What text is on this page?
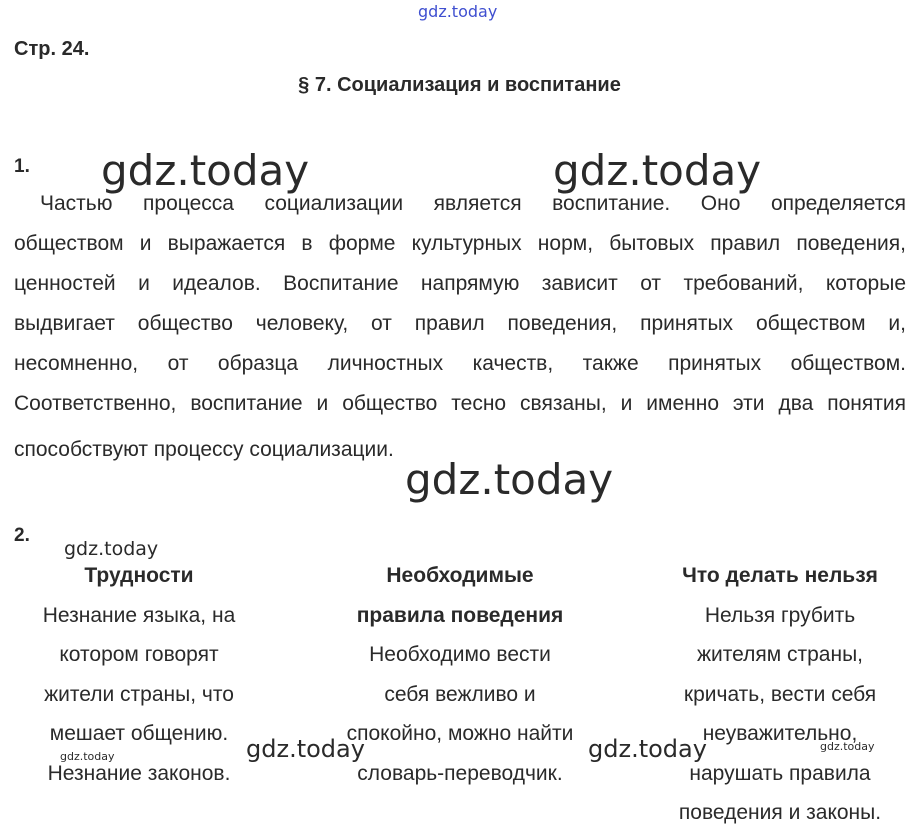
gdz.today
gdz.today	gdz.today
gdz.today
gdz.today
gdz.today	gdz.today
gdz.today
gdz.today
Стр. 24.
§ 7. Социализация и воспитание
1.
Частью процесса социализации является воспитание. Оно определяется
обществом и выражается в форме культурных норм, бытовых правил поведения,
ценностей и идеалов. Воспитание напрямую зависит от требований, которые
выдвигает общество человеку, от правил поведения, принятых обществом и,
несомненно, от образца личностных качеств, также принятых обществом.
Соответственно, воспитание и общество тесно связаны, и именно эти два понятия
способствуют процессу социализации.
2.
Трудности
Незнание языка, на
котором говорят
жители страны, что
мешает общению.
Незнание законов.
Необходимые
правила поведения
Необходимо вести
себя вежливо и
спокойно, можно найти
словарь-переводчик.
Что делать нельзя
Нельзя грубить
жителям страны,
кричать, вести себя
неуважительно,
нарушать правила
поведения и законы.
